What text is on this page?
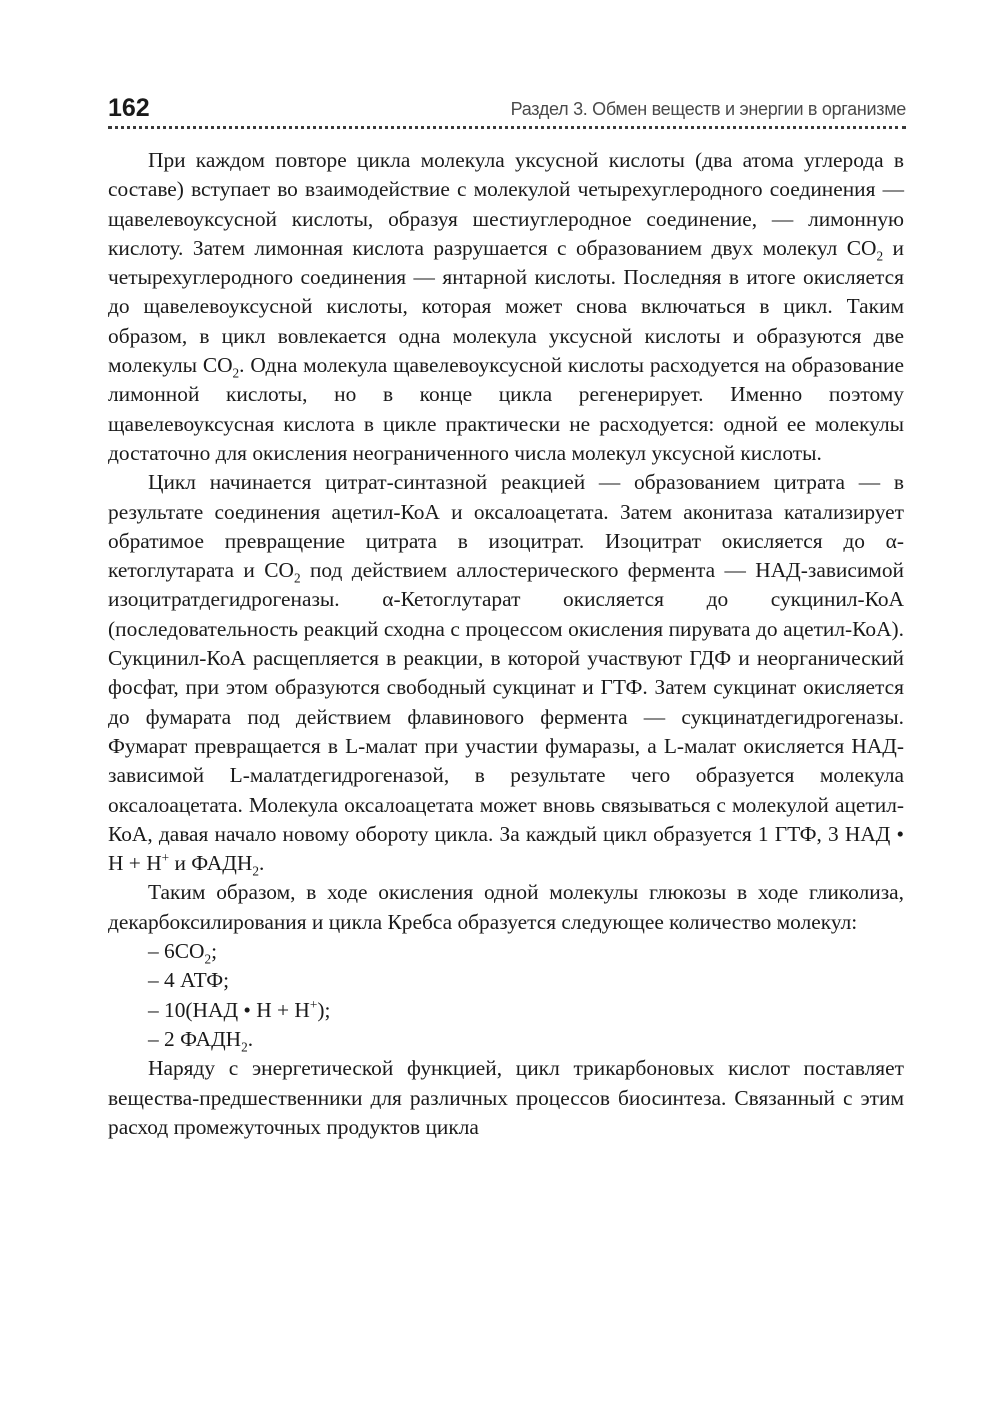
162	Раздел 3. Обмен веществ и энергии в организме

При каждом повторе цикла молекула уксусной кислоты (два атома углерода в составе) вступает во взаимодействие с молекулой четырехуглеродного соединения — щавелевоуксусной кислоты, образуя шестиуглеродное соединение, — лимонную кислоту. Затем лимонная кислота разрушается с образованием двух молекул $СО_2$ и четырехуглеродного соединения — янтарной кислоты. Последняя в итоге окисляется до щавелевоуксусной кислоты, которая может снова включаться в цикл. Таким образом, в цикл вовлекается одна молекула уксусной кислоты и образуются две молекулы $СО_2$. Одна молекула щавелевоуксусной кислоты расходуется на образование лимонной кислоты, но в конце цикла регенерирует. Именно поэтому щавелевоуксусная кислота в цикле практически не расходуется: одной ее молекулы достаточно для окисления неограниченного числа молекул уксусной кислоты.

Цикл начинается цитрат-синтазной реакцией — образованием цитрата — в результате соединения ацетил-КоА и оксалоацетата. Затем аконитаза катализирует обратимое превращение цитрата в изоцитрат. Изоцитрат окисляется до α-кетоглутарата и $СО_2$ под действием аллостерического фермента — НАД-зависимой изоцитратдегидрогеназы. α-Кетоглутарат окисляется до сукцинил-КоА (последовательность реакций сходна с процессом окисления пирувата до ацетил-КоА). Сукцинил-КоА расщепляется в реакции, в которой участвуют ГДФ и неорганический фосфат, при этом образуются свободный сукцинат и ГТФ. Затем сукцинат окисляется до фумарата под действием флавинового фермента — сукцинатдегидрогеназы. Фумарат превращается в L-малат при участии фумаразы, а L-малат окисляется НАД-зависимой L-малатдегидрогеназой, в результате чего образуется молекула оксалоацетата. Молекула оксалоацетата может вновь связываться с молекулой ацетил-КоА, давая начало новому обороту цикла. За каждый цикл образуется 1 ГТФ, 3 НАД • Н + Н+ и $ФАДН_2$.

Таким образом, в ходе окисления одной молекулы глюкозы в ходе гликолиза, декарбоксилирования и цикла Кребса образуется следующее количество молекул:

– $6СО_2$;
– 4 АТФ;
– 10(НАД • Н + Н+);
– 2 $ФАДН_2$.

Наряду с энергетической функцией, цикл трикарбоновых кислот поставляет вещества-предшественники для различных процессов биосинтеза. Связанный с этим расход промежуточных продуктов цикла
